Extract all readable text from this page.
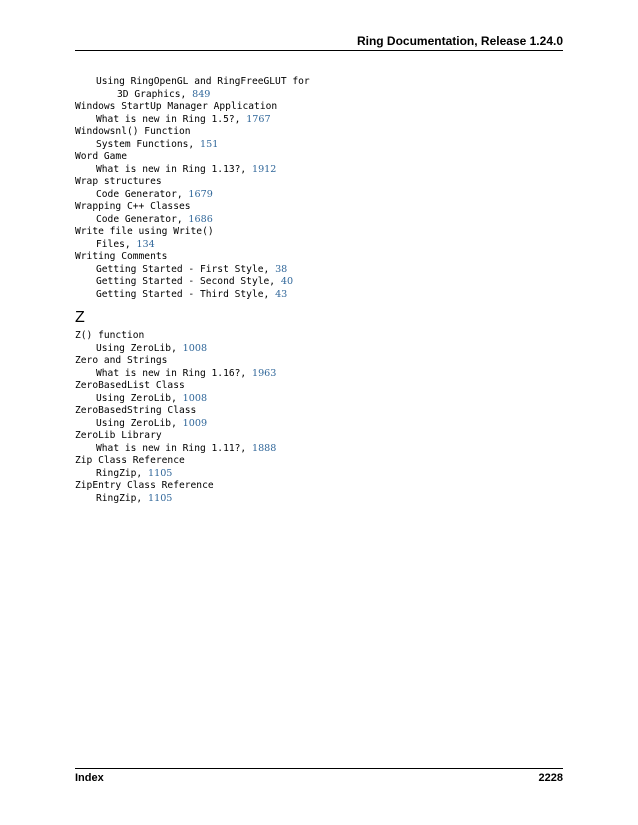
Ring Documentation, Release 1.24.0
Using RingOpenGL and RingFreeGLUT for
3D Graphics, 849
Windows StartUp Manager Application
What is new in Ring 1.5?, 1767
Windowsnl() Function
System Functions, 151
Word Game
What is new in Ring 1.13?, 1912
Wrap structures
Code Generator, 1679
Wrapping C++ Classes
Code Generator, 1686
Write file using Write()
Files, 134
Writing Comments
Getting Started - First Style, 38
Getting Started - Second Style, 40
Getting Started - Third Style, 43
Z
Z() function
Using ZeroLib, 1008
Zero and Strings
What is new in Ring 1.16?, 1963
ZeroBasedList Class
Using ZeroLib, 1008
ZeroBasedString Class
Using ZeroLib, 1009
ZeroLib Library
What is new in Ring 1.11?, 1888
Zip Class Reference
RingZip, 1105
ZipEntry Class Reference
RingZip, 1105
Index	2228
